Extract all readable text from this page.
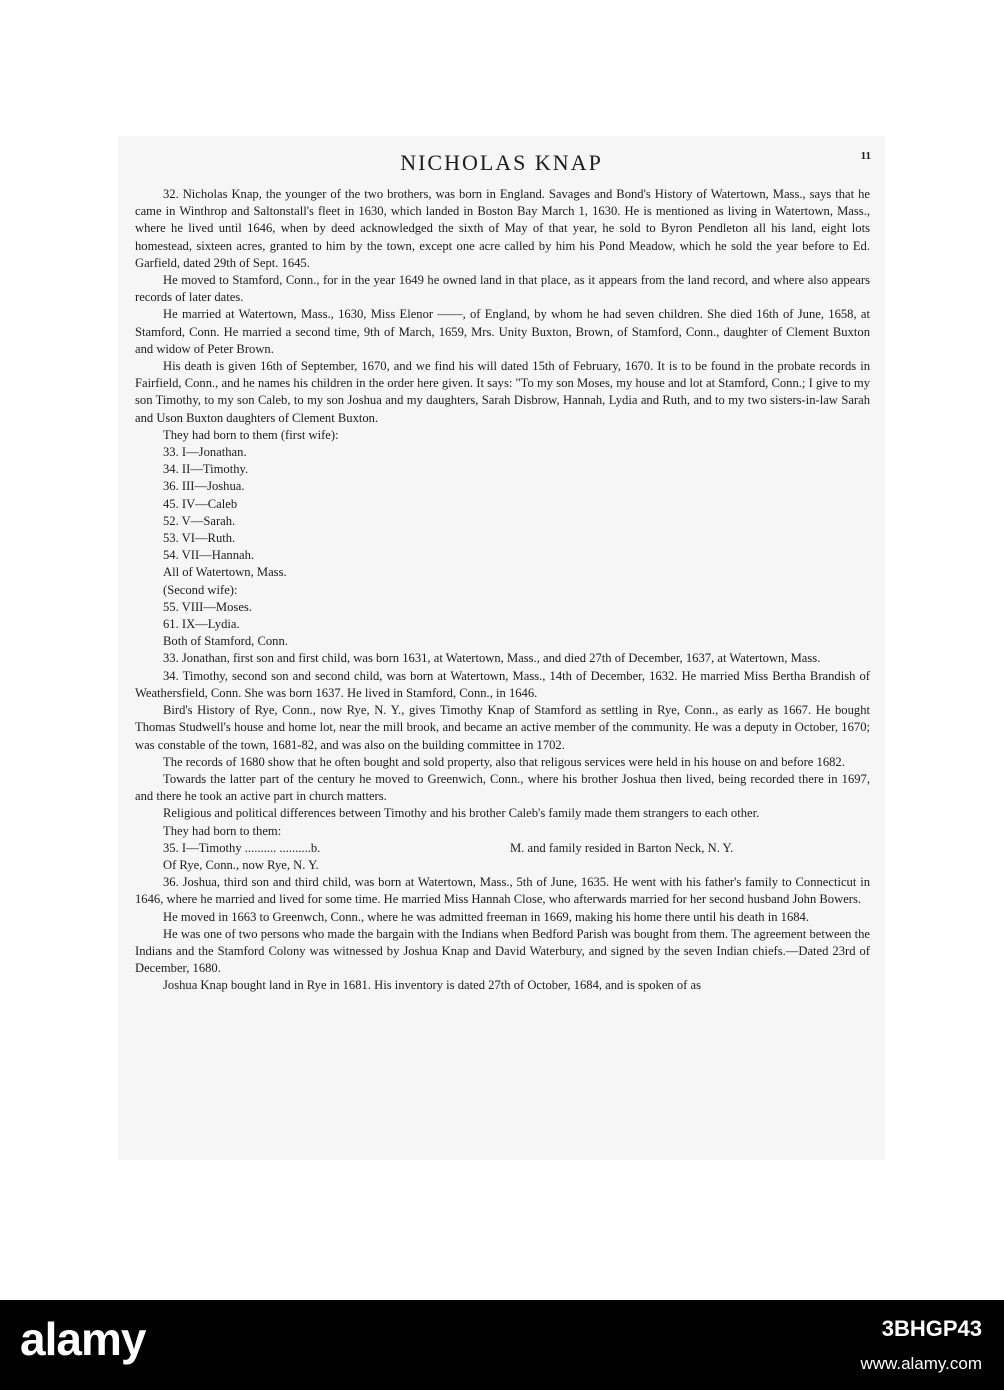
NICHOLAS KNAP	11

32. Nicholas Knap, the younger of the two brothers, was born in England. Savages and Bond's History of Watertown, Mass., says that he came in Winthrop and Saltonstall's fleet in 1630, which landed in Boston Bay March 1, 1630. He is mentioned as living in Watertown, Mass., where he lived until 1646, when by deed acknowledged the sixth of May of that year, he sold to Byron Pendleton all his land, eight lots homestead, sixteen acres, granted to him by the town, except one acre called by him his Pond Meadow, which he sold the year before to Ed. Garfield, dated 29th of Sept. 1645.

He moved to Stamford, Conn., for in the year 1649 he owned land in that place, as it appears from the land record, and where also appears records of later dates.

He married at Watertown, Mass., 1630, Miss Elenor ——, of England, by whom he had seven children. She died 16th of June, 1658, at Stamford, Conn. He married a second time, 9th of March, 1659, Mrs. Unity Buxton, Brown, of Stamford, Conn., daughter of Clement Buxton and widow of Peter Brown.

His death is given 16th of September, 1670, and we find his will dated 15th of February, 1670. It is to be found in the probate records in Fairfield, Conn., and he names his children in the order here given. It says: "To my son Moses, my house and lot at Stamford, Conn.; I give to my son Timothy, to my son Caleb, to my son Joshua and my daughters, Sarah Disbrow, Hannah, Lydia and Ruth, and to my two sisters-in-law Sarah and Uson Buxton daughters of Clement Buxton.

They had born to them (first wife):
33. I—Jonathan.
34. II—Timothy.
36. III—Joshua.
45. IV—Caleb
52. V—Sarah.
53. VI—Ruth.
54. VII—Hannah.
All of Watertown, Mass.
(Second wife):
55. VIII—Moses.
61. IX—Lydia.
Both of Stamford, Conn.

33. Jonathan, first son and first child, was born 1631, at Watertown, Mass., and died 27th of December, 1637, at Watertown, Mass.

34. Timothy, second son and second child, was born at Watertown, Mass., 14th of December, 1632. He married Miss Bertha Brandish of Weathersfield, Conn. She was born 1637. He lived in Stamford, Conn., in 1646.

Bird's History of Rye, Conn., now Rye, N. Y., gives Timothy Knap of Stamford as settling in Rye, Conn., as early as 1667. He bought Thomas Studwell's house and home lot, near the mill brook, and became an active member of the community. He was a deputy in October, 1670; was constable of the town, 1681-82, and was also on the building committee in 1702.

The records of 1680 show that he often bought and sold property, also that religous services were held in his house on and before 1682.

Towards the latter part of the century he moved to Greenwich, Conn., where his brother Joshua then lived, being recorded there in 1697, and there he took an active part in church matters.

Religious and political differences between Timothy and his brother Caleb's family made them strangers to each other.

They had born to them:
35. I—Timothy .......... ..........b.	M. and family resided in Barton Neck, N. Y.
Of Rye, Conn., now Rye, N. Y.

36. Joshua, third son and third child, was born at Watertown, Mass., 5th of June, 1635. He went with his father's family to Connecticut in 1646, where he married and lived for some time. He married Miss Hannah Close, who afterwards married for her second husband John Bowers.

He moved in 1663 to Greenwch, Conn., where he was admitted freeman in 1669, making his home there until his death in 1684.

He was one of two persons who made the bargain with the Indians when Bedford Parish was bought from them. The agreement between the Indians and the Stamford Colony was witnessed by Joshua Knap and David Waterbury, and signed by the seven Indian chiefs.—Dated 23rd of December, 1680.

Joshua Knap bought land in Rye in 1681. His inventory is dated 27th of October, 1684, and is spoken of as

alamy	3BHGP43
www.alamy.com
